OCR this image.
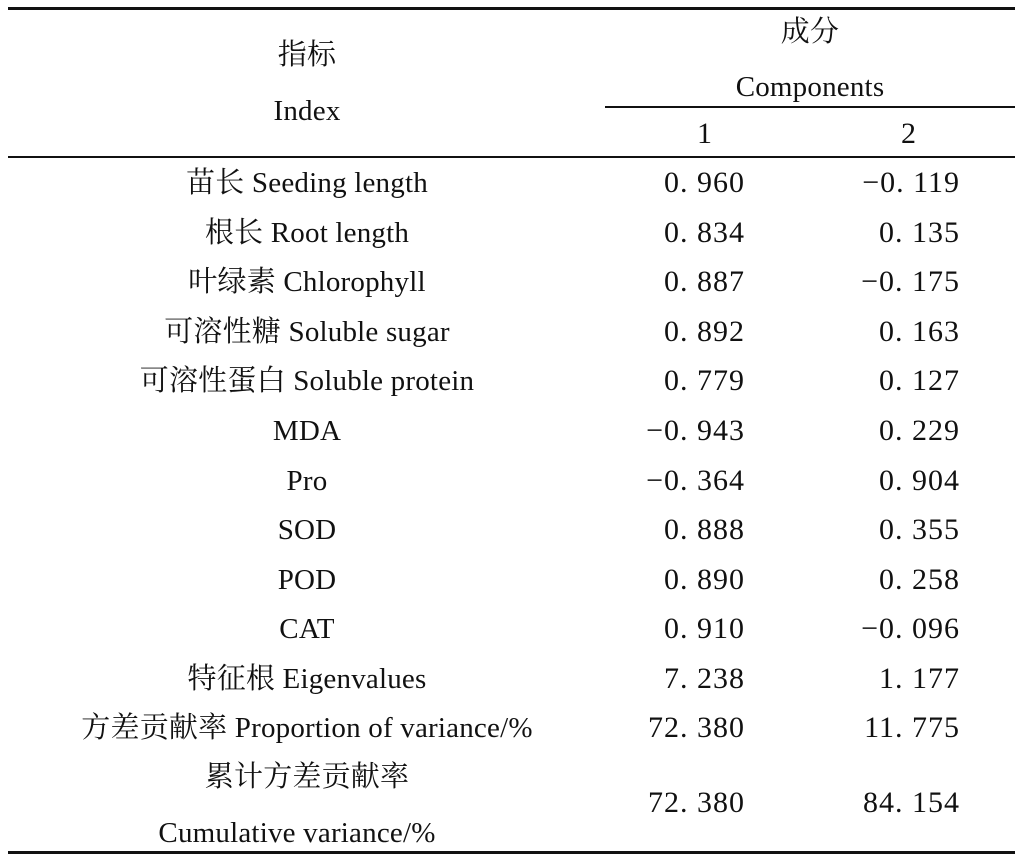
指标
Index
成分
Components
1	2
苗长 Seeding length	0. 960	−0. 119
根长 Root length	0. 834	0. 135
叶绿素 Chlorophyll	0. 887	−0. 175
可溶性糖 Soluble sugar	0. 892	0. 163
可溶性蛋白 Soluble protein	0. 779	0. 127
MDA	−0. 943	0. 229
Pro	−0. 364	0. 904
SOD	0. 888	0. 355
POD	0. 890	0. 258
CAT	0. 910	−0. 096
特征根 Eigenvalues	7. 238	1. 177
方差贡献率 Proportion of variance/%	72. 380	11. 775
累计方差贡献率
Cumulative variance/%
72. 380	84. 154
